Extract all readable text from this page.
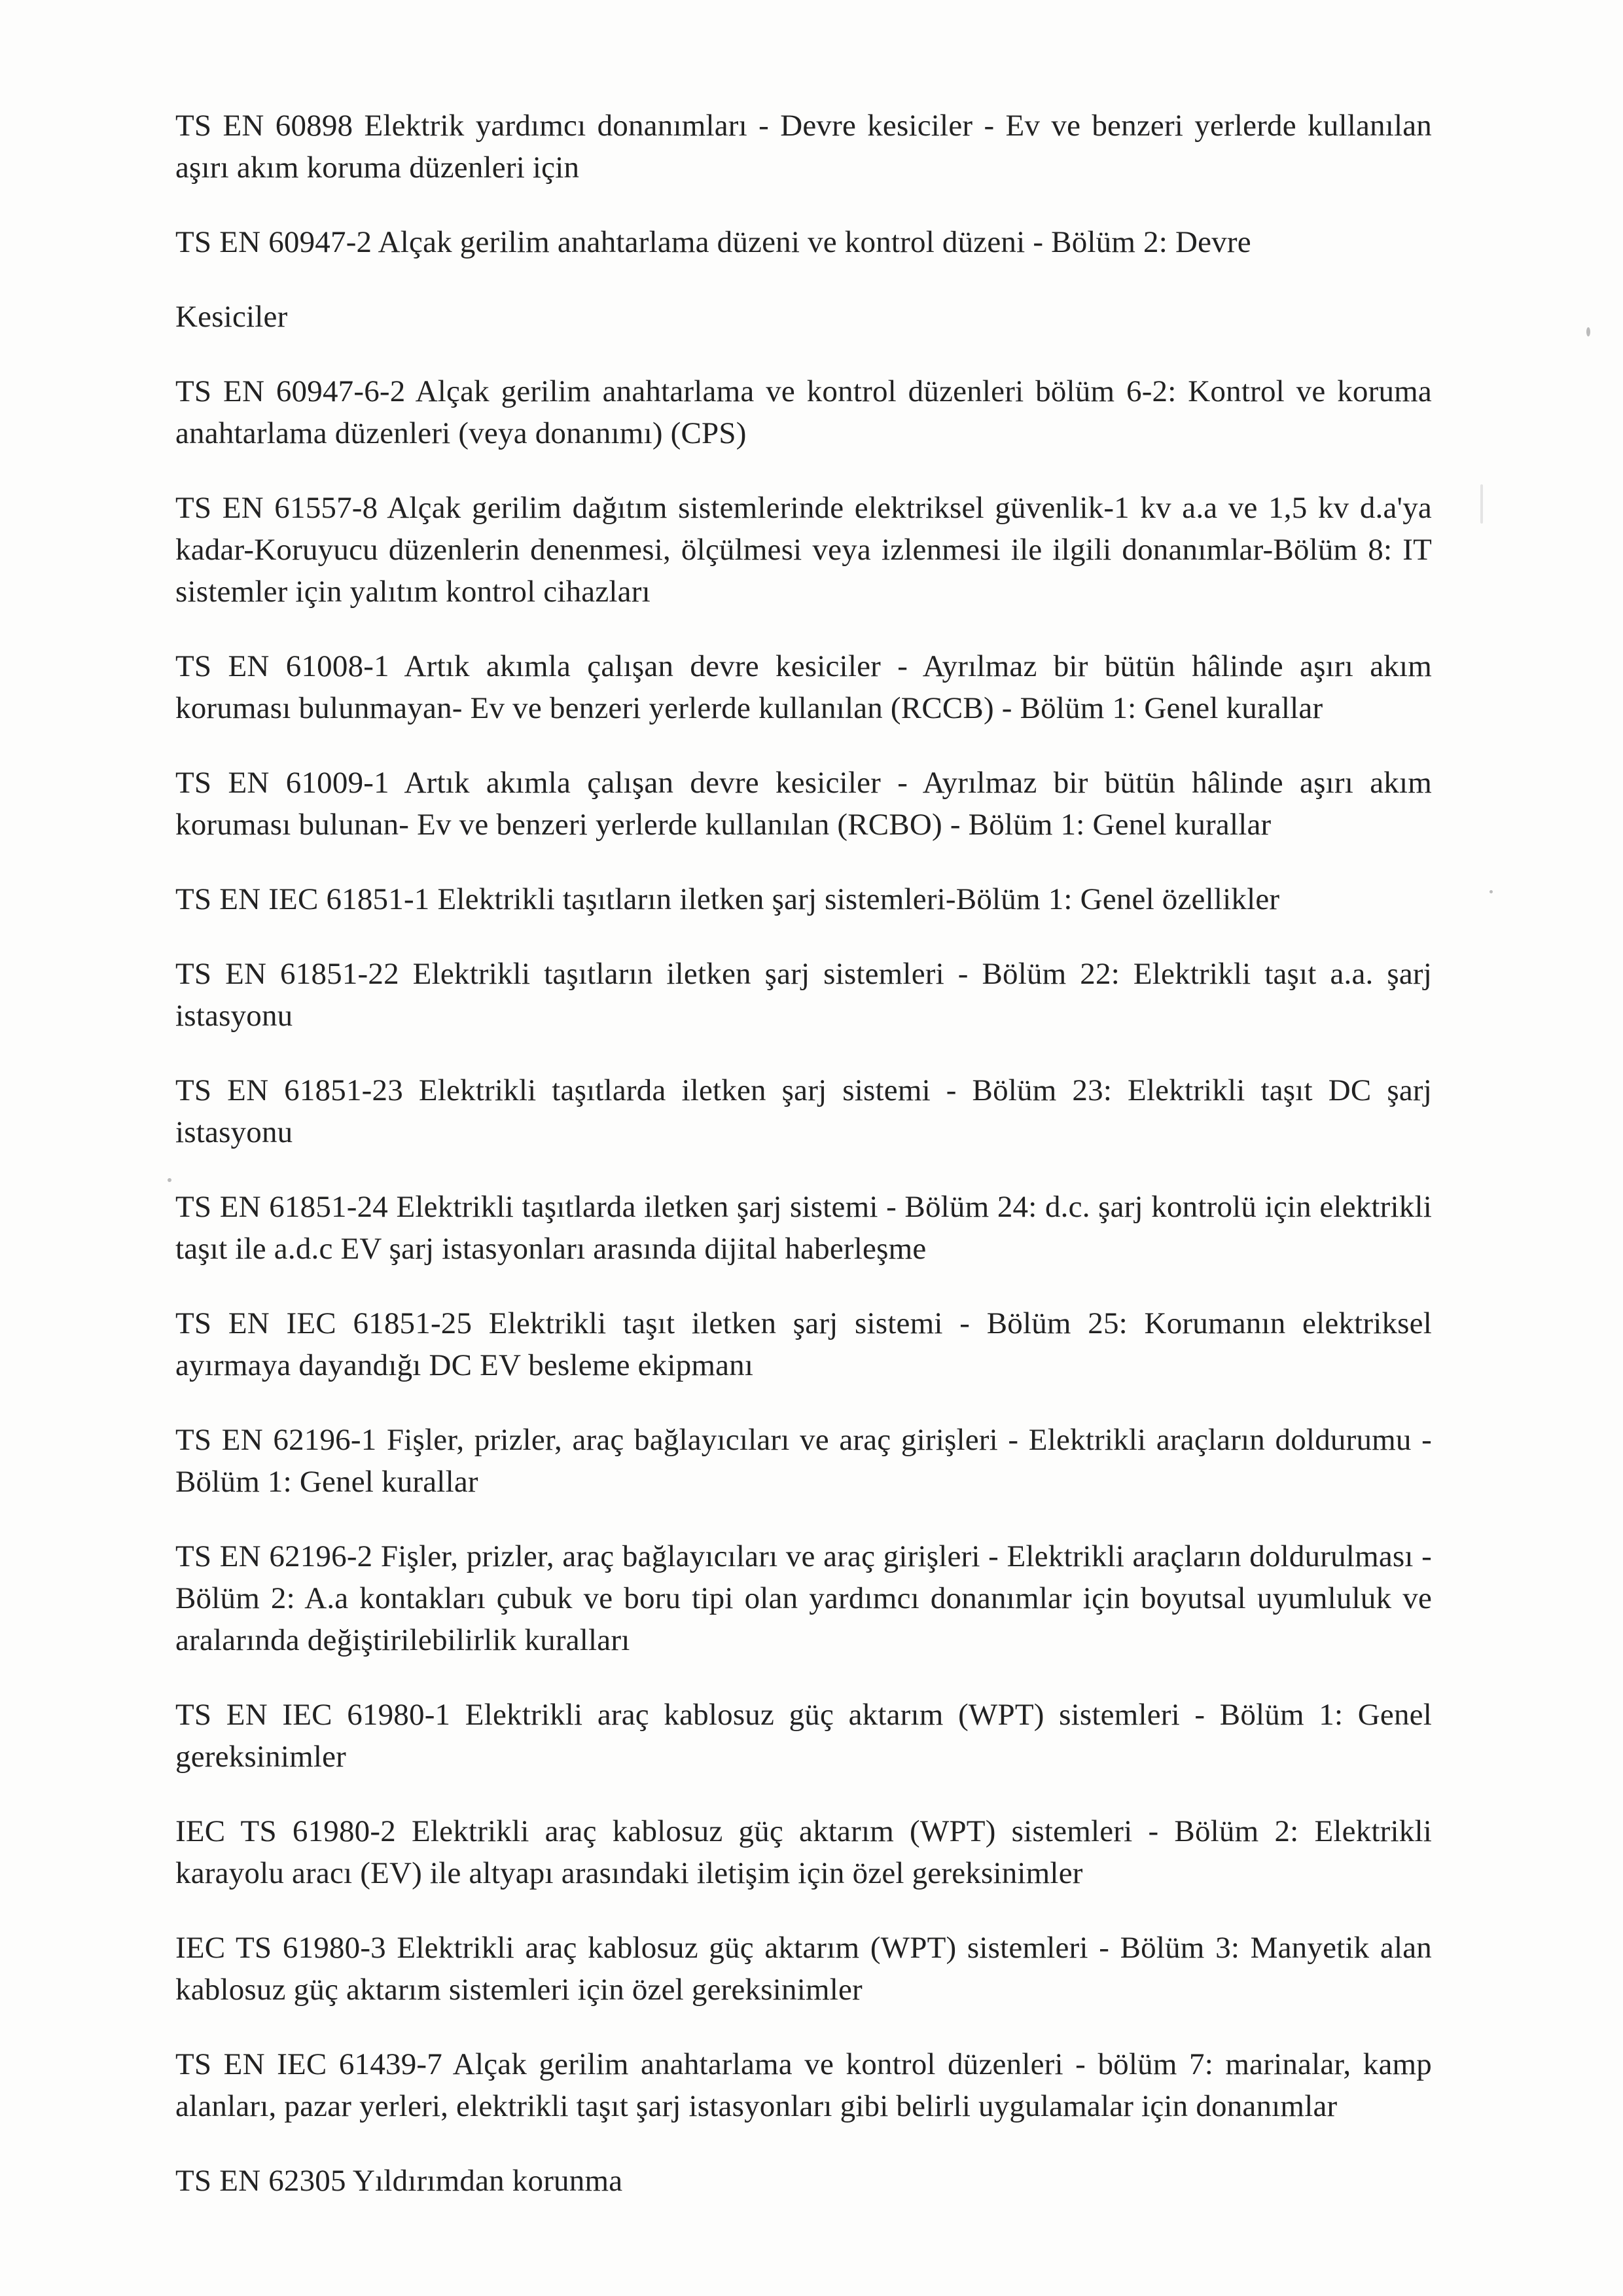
TS EN 60898 Elektrik yardımcı donanımları - Devre kesiciler - Ev ve benzeri yerlerde kullanılan aşırı akım koruma düzenleri için

TS EN 60947-2 Alçak gerilim anahtarlama düzeni ve kontrol düzeni - Bölüm 2: Devre

Kesiciler

TS EN 60947-6-2 Alçak gerilim anahtarlama ve kontrol düzenleri bölüm 6-2: Kontrol ve koruma anahtarlama düzenleri (veya donanımı) (CPS)

TS EN 61557-8 Alçak gerilim dağıtım sistemlerinde elektriksel güvenlik-1 kv a.a ve 1,5 kv d.a'ya kadar-Koruyucu düzenlerin denenmesi, ölçülmesi veya izlenmesi ile ilgili donanımlar-Bölüm 8: IT sistemler için yalıtım kontrol cihazları

TS EN 61008-1 Artık akımla çalışan devre kesiciler - Ayrılmaz bir bütün hâlinde aşırı akım koruması bulunmayan- Ev ve benzeri yerlerde kullanılan (RCCB) - Bölüm 1: Genel kurallar

TS EN 61009-1 Artık akımla çalışan devre kesiciler - Ayrılmaz bir bütün hâlinde aşırı akım koruması bulunan- Ev ve benzeri yerlerde kullanılan (RCBO) - Bölüm 1: Genel kurallar

TS EN IEC 61851-1 Elektrikli taşıtların iletken şarj sistemleri-Bölüm 1: Genel özellikler

TS EN 61851-22 Elektrikli taşıtların iletken şarj sistemleri - Bölüm 22: Elektrikli taşıt a.a. şarj istasyonu

TS EN 61851-23 Elektrikli taşıtlarda iletken şarj sistemi - Bölüm 23: Elektrikli taşıt DC şarj istasyonu

TS EN 61851-24 Elektrikli taşıtlarda iletken şarj sistemi - Bölüm 24: d.c. şarj kontrolü için elektrikli taşıt ile a.d.c EV şarj istasyonları arasında dijital haberleşme

TS EN IEC 61851-25 Elektrikli taşıt iletken şarj sistemi - Bölüm 25: Korumanın elektriksel ayırmaya dayandığı DC EV besleme ekipmanı

TS EN 62196-1 Fişler, prizler, araç bağlayıcıları ve araç girişleri - Elektrikli araçların doldurumu - Bölüm 1: Genel kurallar

TS EN 62196-2 Fişler, prizler, araç bağlayıcıları ve araç girişleri - Elektrikli araçların doldurulması - Bölüm 2: A.a kontakları çubuk ve boru tipi olan yardımcı donanımlar için boyutsal uyumluluk ve aralarında değiştirilebilirlik kuralları

TS EN IEC 61980-1 Elektrikli araç kablosuz güç aktarım (WPT) sistemleri - Bölüm 1: Genel gereksinimler

IEC TS 61980-2 Elektrikli araç kablosuz güç aktarım (WPT) sistemleri - Bölüm 2: Elektrikli karayolu aracı (EV) ile altyapı arasındaki iletişim için özel gereksinimler

IEC TS 61980-3 Elektrikli araç kablosuz güç aktarım (WPT) sistemleri - Bölüm 3: Manyetik alan kablosuz güç aktarım sistemleri için özel gereksinimler

TS EN IEC 61439-7 Alçak gerilim anahtarlama ve kontrol düzenleri - bölüm 7: marinalar, kamp alanları, pazar yerleri, elektrikli taşıt şarj istasyonları gibi belirli uygulamalar için donanımlar

TS EN 62305 Yıldırımdan korunma
